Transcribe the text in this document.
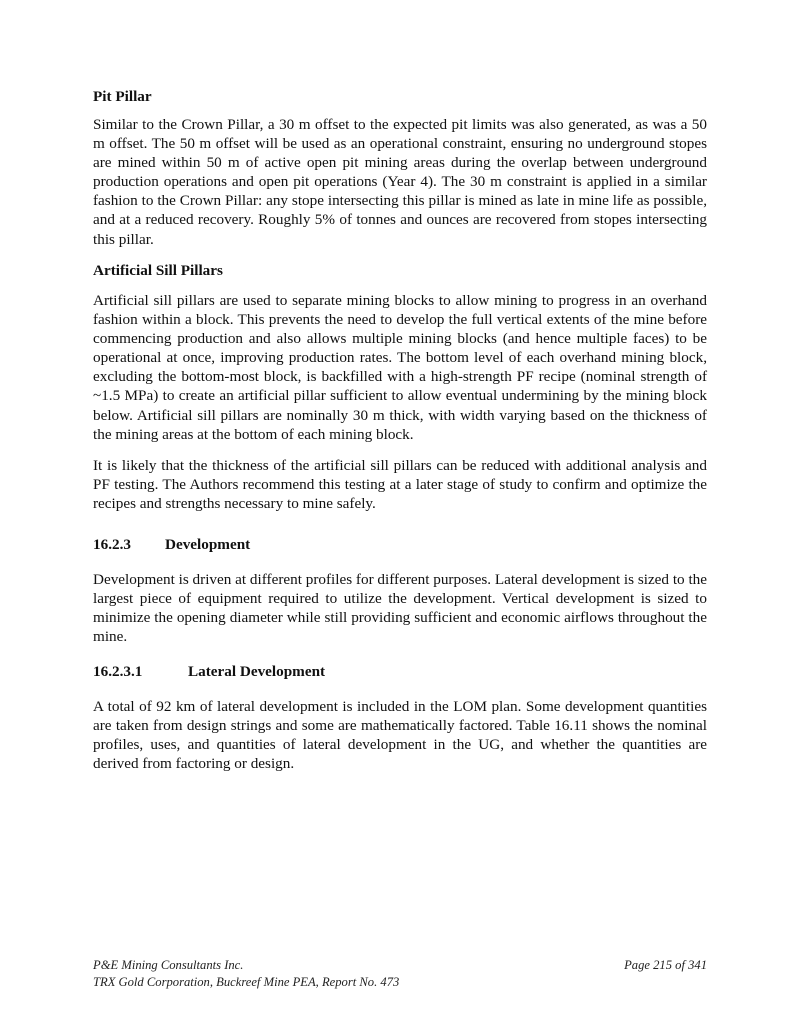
Pit Pillar

Similar to the Crown Pillar, a 30 m offset to the expected pit limits was also generated, as was a 50 m offset. The 50 m offset will be used as an operational constraint, ensuring no underground stopes are mined within 50 m of active open pit mining areas during the overlap between underground production operations and open pit operations (Year 4). The 30 m constraint is applied in a similar fashion to the Crown Pillar: any stope intersecting this pillar is mined as late in mine life as possible, and at a reduced recovery. Roughly 5% of tonnes and ounces are recovered from stopes intersecting this pillar.

Artificial Sill Pillars

Artificial sill pillars are used to separate mining blocks to allow mining to progress in an overhand fashion within a block. This prevents the need to develop the full vertical extents of the mine before commencing production and also allows multiple mining blocks (and hence multiple faces) to be operational at once, improving production rates. The bottom level of each overhand mining block, excluding the bottom-most block, is backfilled with a high-strength PF recipe (nominal strength of ~1.5 MPa) to create an artificial pillar sufficient to allow eventual undermining by the mining block below. Artificial sill pillars are nominally 30 m thick, with width varying based on the thickness of the mining areas at the bottom of each mining block.

It is likely that the thickness of the artificial sill pillars can be reduced with additional analysis and PF testing. The Authors recommend this testing at a later stage of study to confirm and optimize the recipes and strengths necessary to mine safely.

16.2.3 Development

Development is driven at different profiles for different purposes. Lateral development is sized to the largest piece of equipment required to utilize the development. Vertical development is sized to minimize the opening diameter while still providing sufficient and economic airflows throughout the mine.

16.2.3.1	Lateral Development

A total of 92 km of lateral development is included in the LOM plan. Some development quantities are taken from design strings and some are mathematically factored. Table 16.11 shows the nominal profiles, uses, and quantities of lateral development in the UG, and whether the quantities are derived from factoring or design.

P&E Mining Consultants Inc.
TRX Gold Corporation, Buckreef Mine PEA, Report No. 473
Page 215 of 341
